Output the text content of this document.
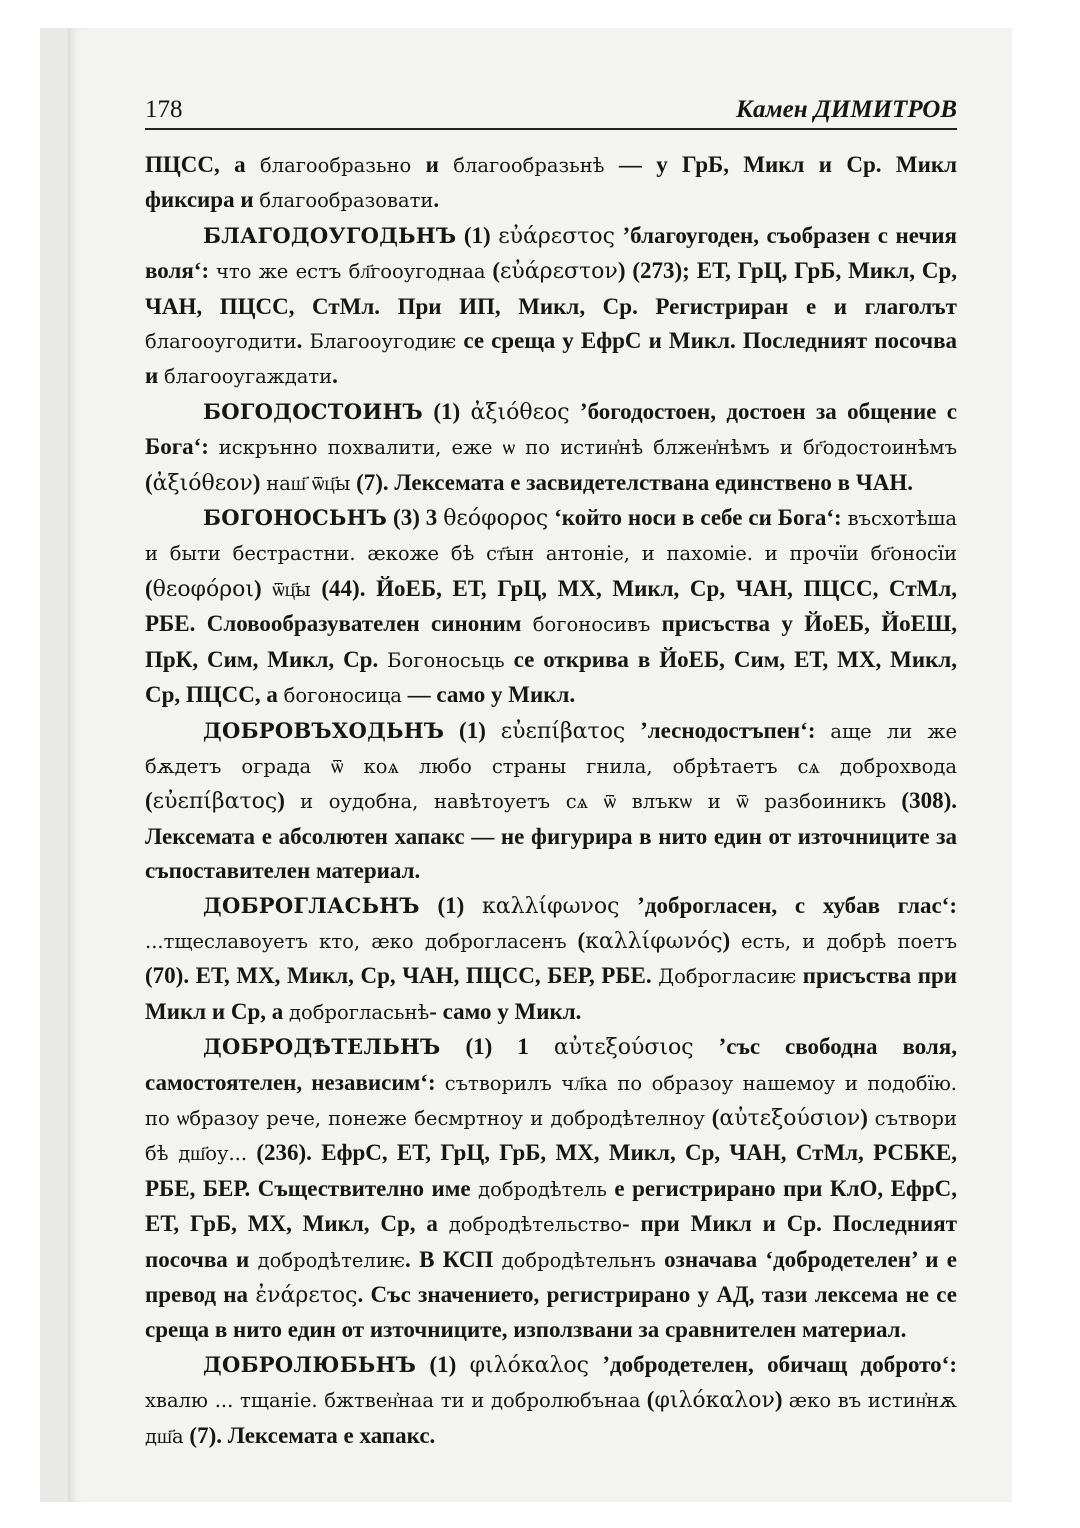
178	Камен ДИМИТРОВ

ПЦСС, а благообразьно и благообразьнѣ — у ГрБ, Микл и Ср. Микл фиксира и благообразовати.

БЛАГОДОУГОДЬНЪ (1) εὐάρεστος ’благоугоден, съобразен с нечия воля‘: что же естъ бл҃гооугоднаа (εὐάρεστον) (273); ЕТ, ГрЦ, ГрБ, Микл, Ср, ЧАН, ПЦСС, СтМл. При ИП, Микл, Ср. Регистриран е и глаголът благооугодити. Благооугодиѥ се среща у ЕфрС и Микл. Последният посочва и благооугаждати.

БОГОДОСТОИНЪ (1) ἀξιόθεος ’богодостоен, достоен за общение с Бога‘: искрънно похвалити, еже ѡ по истин҆нѣ блжен҆нѣмъ и бг҃одостоинѣмъ (ἀξιόθεον) наш҃ ѿц҃ы (7). Лексемата е засвидетелствана единствено в ЧАН.

БОГОНОСЬНЪ (3) 3 θεόφορος ‘който носи в себе си Бога‘: въсхотѣша и быти бестрастни. ӕкоже бѣ ст҃ын антоніе, и пахоміе. и прочїи бг҃оносїи (θεοφόροι) ѿц҃ы (44). ЙоЕБ, ЕТ, ГрЦ, МХ, Микл, Ср, ЧАН, ПЦСС, СтМл, РБЕ. Словообразувателен синоним богоносивъ присъства у ЙоЕБ, ЙоЕШ, ПрК, Сим, Микл, Ср. Богоносьць се открива в ЙоЕБ, Сим, ЕТ, МХ, Микл, Ср, ПЦСС, а богоносица — само у Микл.

ДОБРОВЪХОДЬНЪ (1) εὐεπίβατος ’леснодостъпен‘: аще ли же бѫдетъ ограда ѿ коѧ любо страны гнила, обрѣтаетъ сѧ доброхвода (εὐεπίβατος) и оудобна, навѣтоуетъ сѧ ѿ влъкѡ и ѿ разбоиникъ (308). Лексемата е абсолютен хапакс — не фигурира в нито един от източниците за съпоставителен материал.

ДОБРОГЛАСЬНЪ (1) καλλίφωνος ’доброгласен, с хубав глас‘: ...тщеславоуетъ кто, ӕко доброгласенъ (καλλίφωνός) есть, и добрѣ поетъ (70). ЕТ, МХ, Микл, Ср, ЧАН, ПЦСС, БЕР, РБЕ. Доброгласиѥ присъства при Микл и Ср, а доброгласьнѣ- само у Микл.

ДОБРОДѢТЕЛЬНЪ (1) 1 αὐτεξούσιος ’със свободна воля, самостоятелен, независим‘: сътворилъ чл҃ка по образоу нашемоу и подобїю. по ѡбразоу рече, понеже бесмртноу и добродѣтелноу (αὐτεξούσιον) сътвори бѣ дш҃оу... (236). ЕфрС, ЕТ, ГрЦ, ГрБ, МХ, Микл, Ср, ЧАН, СтМл, РСБКЕ, РБЕ, БЕР. Съществително име добродѣтель е регистрирано при КлО, ЕфрС, ЕТ, ГрБ, МХ, Микл, Ср, а добродѣтельство- при Микл и Ср. Последният посочва и добродѣтелиѥ. В КСП добродѣтельнъ означава ‘добродетелен’ и е превод на ἐνάρετος. Със значението, регистрирано у АД, тази лексема не се среща в нито един от източниците, използвани за сравнителен материал.

ДОБРОЛЮБЬНЪ (1) φιλόκαλος ’добродетелен, обичащ доброто‘: хвалю ... тщаніе. бжтвен҆наа ти и добролюбънаа (φιλόκαλον) ӕко въ истин҆нѫ дш҃а (7). Лексемата е хапакс.
